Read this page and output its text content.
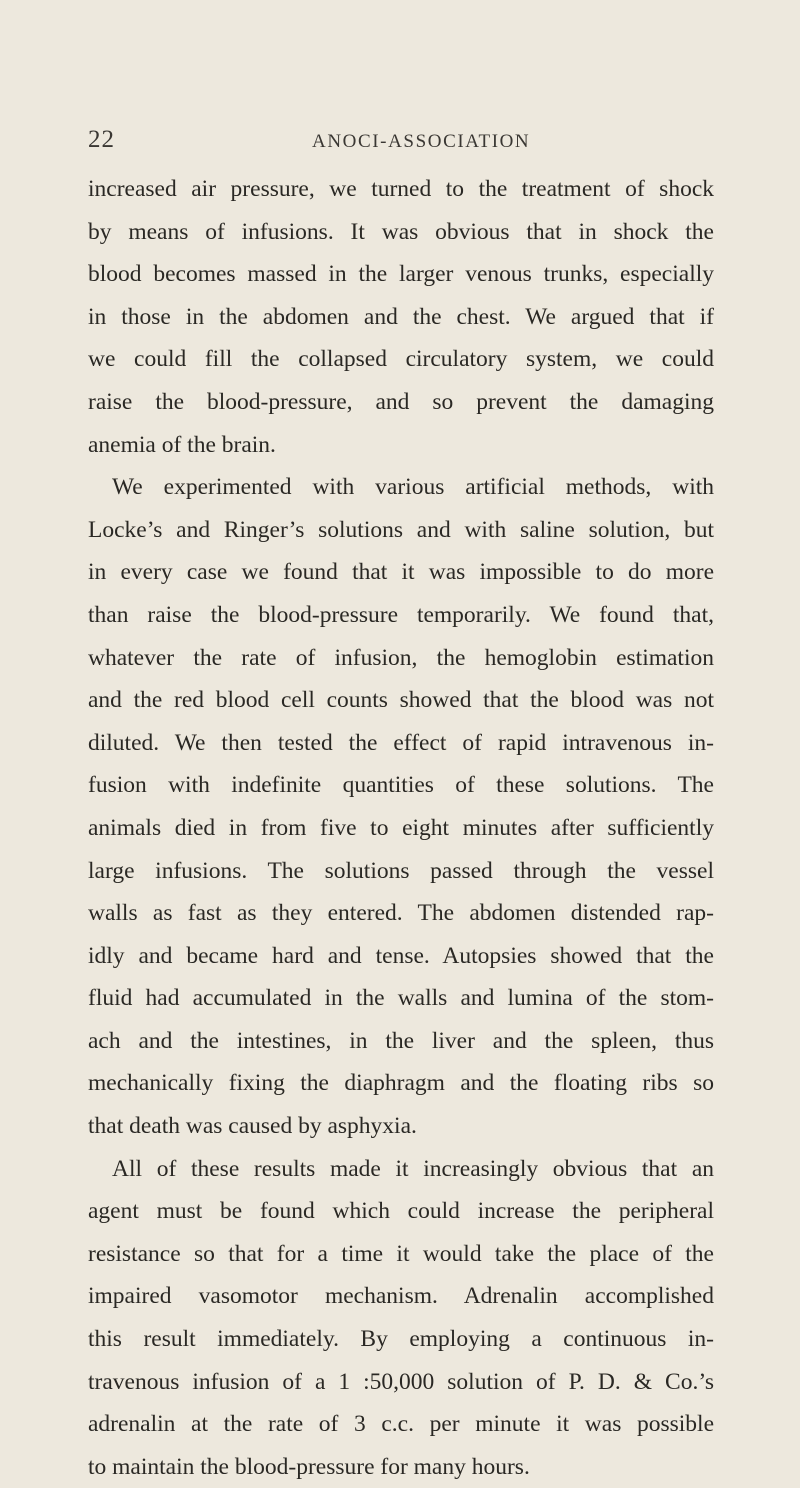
22	ANOCI-ASSOCIATION
increased air pressure, we turned to the treatment of shock
by means of infusions. It was obvious that in shock the
blood becomes massed in the larger venous trunks, especially
in those in the abdomen and the chest. We argued that if
we could fill the collapsed circulatory system, we could
raise the blood-pressure, and so prevent the damaging
anemia of the brain.
We experimented with various artificial methods, with
Locke’s and Ringer’s solutions and with saline solution, but
in every case we found that it was impossible to do more
than raise the blood-pressure temporarily. We found that,
whatever the rate of infusion, the hemoglobin estimation
and the red blood cell counts showed that the blood was not
diluted. We then tested the effect of rapid intravenous in-
fusion with indefinite quantities of these solutions. The
animals died in from five to eight minutes after sufficiently
large infusions. The solutions passed through the vessel
walls as fast as they entered. The abdomen distended rap-
idly and became hard and tense. Autopsies showed that the
fluid had accumulated in the walls and lumina of the stom-
ach and the intestines, in the liver and the spleen, thus
mechanically fixing the diaphragm and the floating ribs so
that death was caused by asphyxia.
All of these results made it increasingly obvious that an
agent must be found which could increase the peripheral
resistance so that for a time it would take the place of the
impaired vasomotor mechanism. Adrenalin accomplished
this result immediately. By employing a continuous in-
travenous infusion of a 1 :50,000 solution of P. D. & Co.’s
adrenalin at the rate of 3 c.c. per minute it was possible
to maintain the blood-pressure for many hours.
